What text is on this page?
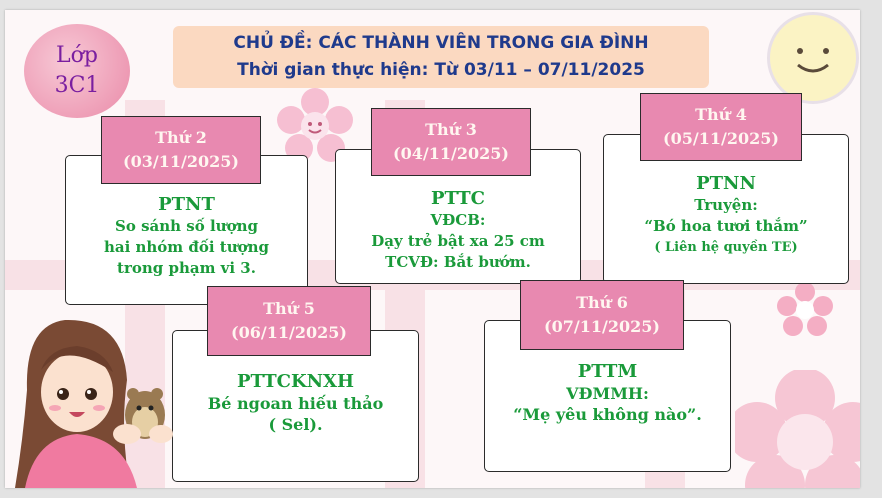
Lớp
3C1
CHỦ ĐỀ: CÁC THÀNH VIÊN TRONG GIA ĐÌNH
Thời gian thực hiện: Từ 03/11 – 07/11/2025
PTNT
So sánh số lượng
hai nhóm đối tượng
trong phạm vi 3.
Thứ 2
(03/11/2025)
PTTC
VĐCB:
Dạy trẻ bật xa 25 cm
TCVĐ: Bắt bướm.
Thứ 3
(04/11/2025)
PTNN
Truyện:
“Bó hoa tươi thắm”
( Liên hệ quyền TE)
Thứ 4
(05/11/2025)
PTTCKNXH
Bé ngoan hiếu thảo
( Sel).
Thứ 5
(06/11/2025)
PTTM
VĐMMH:
“Mẹ yêu không nào”.
Thứ 6
(07/11/2025)
